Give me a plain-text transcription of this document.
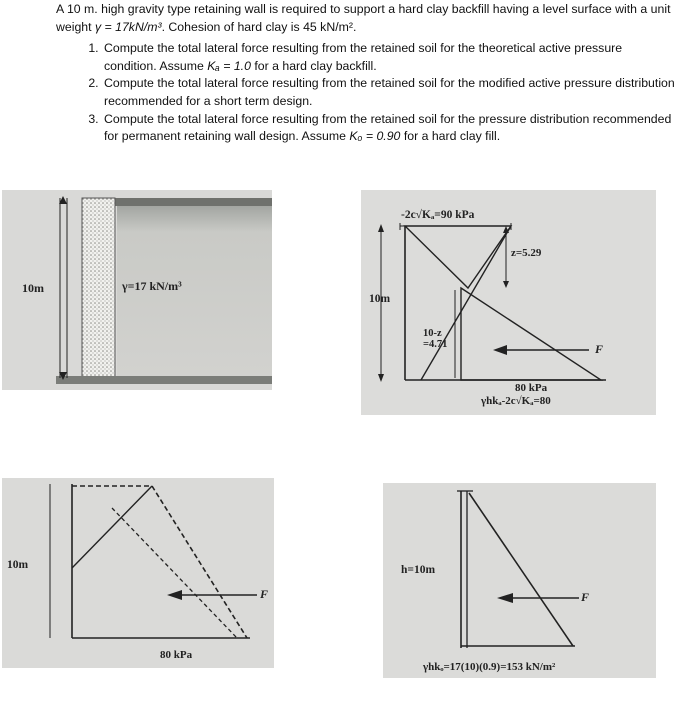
A 10 m. high gravity type retaining wall is required to support a hard clay backfill having a level surface with a unit weight γ = 17kN/m³. Cohesion of hard clay is 45 kN/m².

1. Compute the total lateral force resulting from the retained soil for the theoretical active pressure condition. Assume Kₐ = 1.0 for a hard clay backfill.
2. Compute the total lateral force resulting from the retained soil for the modified active pressure distribution recommended for a short term design.
3. Compute the total lateral force resulting from the retained soil for the pressure distribution recommended for permanent retaining wall design. Assume Kₒ = 0.90 for a hard clay fill.
10m	γ=17 kN/m³
-2c√Kₐ=90 kPa
z=5.29
10m
10-z
=4.71	F
80 kPa
γhkₐ-2c√Kₐ=80
10m
F
80 kPa
h=10m
F
γhkₒ=17(10)(0.9)=153 kN/m²
